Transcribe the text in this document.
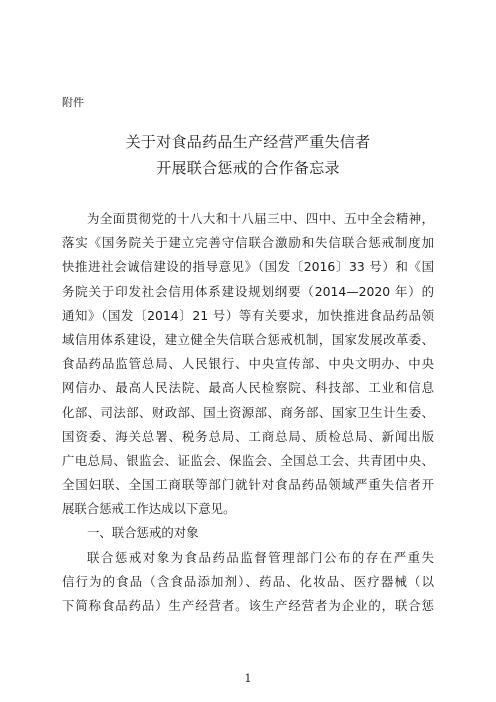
附件
关于对食品药品生产经营严重失信者
开展联合惩戒的合作备忘录
为全面贯彻党的十八大和十八届三中、四中、五中全会精神，
落实《国务院关于建立完善守信联合激励和失信联合惩戒制度加
快推进社会诚信建设的指导意见》（国发〔2016〕33 号）和《国
务院关于印发社会信用体系建设规划纲要（2014—2020 年）的
通知》（国发〔2014〕21 号）等有关要求，加快推进食品药品领
域信用体系建设，建立健全失信联合惩戒机制，国家发展改革委、
食品药品监管总局、人民银行、中央宣传部、中央文明办、中央
网信办、最高人民法院、最高人民检察院、科技部、工业和信息
化部、司法部、财政部、国土资源部、商务部、国家卫生计生委、
国资委、海关总署、税务总局、工商总局、质检总局、新闻出版
广电总局、银监会、证监会、保监会、全国总工会、共青团中央、
全国妇联、全国工商联等部门就针对食品药品领域严重失信者开
展联合惩戒工作达成以下意见。
一、联合惩戒的对象
联合惩戒对象为食品药品监督管理部门公布的存在严重失
信行为的食品（含食品添加剂）、药品、化妆品、医疗器械（以
下简称食品药品）生产经营者。该生产经营者为企业的，联合惩
1
